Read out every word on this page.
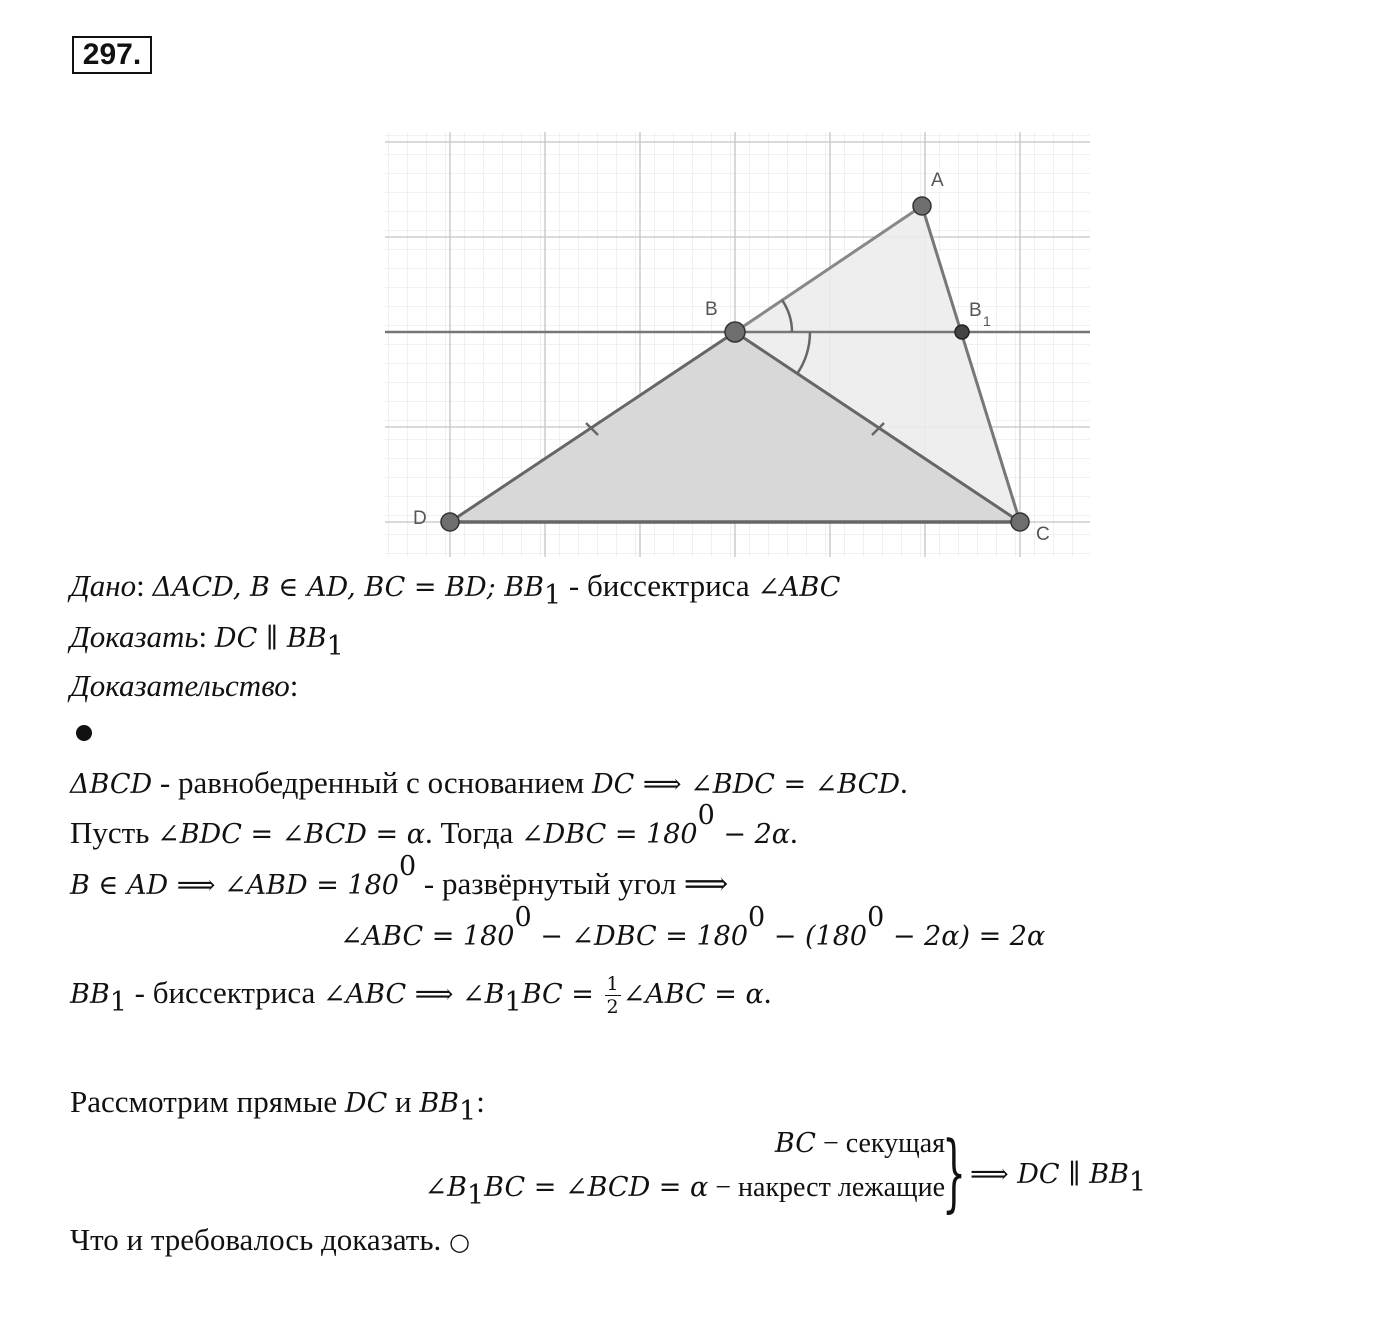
297.
A
B	B 1
C
D
Дано: ΔACD, B ∈ AD, BC = BD; $BB_1$ - биссектриса ∠ABC
Доказать: DC ∥ $BB_1$
Доказательство:
ΔBCD - равнобедренный с основанием DC ⟹ ∠BDC = ∠BCD.
Пусть ∠BDC = ∠BCD = α. Тогда ∠DBC = $180^0 - 2\alpha$.
B ∈ AD ⟹ ∠ABD = $180^0$ - развёрнутый угол ⟹
∠ABC = $180^0$ − ∠DBC = $180^0 - (180^0 - 2\alpha) = 2\alpha$
$BB_1$ - биссектриса ∠ABC ⟹ $\angle B_1BC = \frac{1}{2}$ ∠ABC = α.
Рассмотрим прямые DC и $BB_1$:
BC − секущая
$\angle B_1BC$ = ∠BCD = α − накрест лежащие
} ⟹ DC ∥ $BB_1$
Что и требовалось доказать. ○
